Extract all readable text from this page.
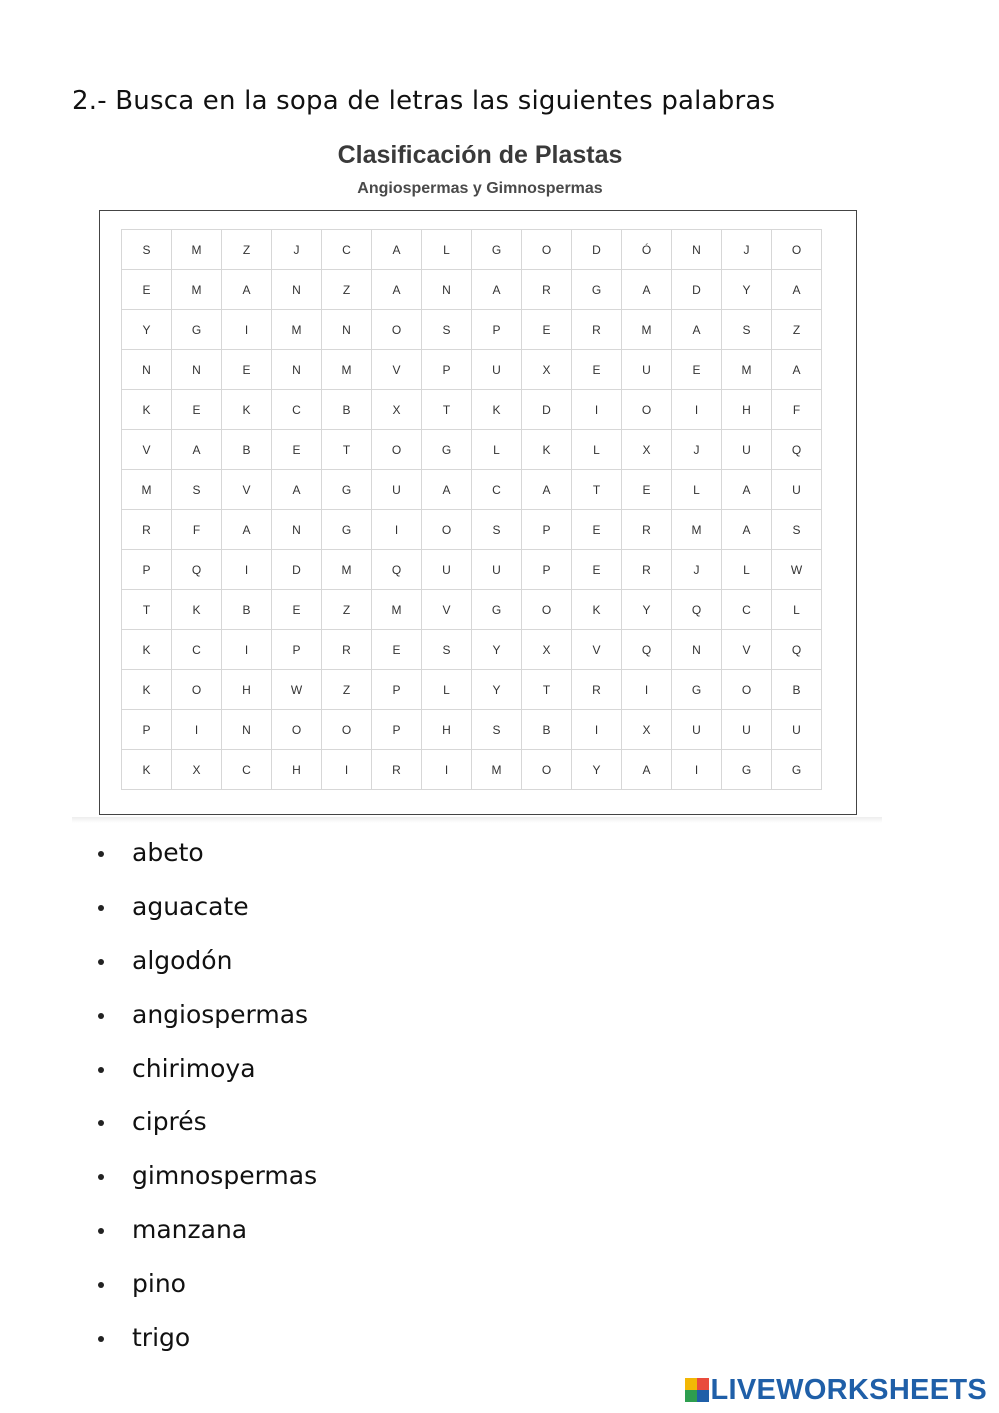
2.- Busca en la sopa de letras las siguientes palabras
Clasificación de Plastas
Angiospermas y Gimnospermas
S	M	Z	J	C	A	L	G	O	D	Ó	N	J	O
E	M	A	N	Z	A	N	A	R	G	A	D	Y	A
Y	G	I	M	N	O	S	P	E	R	M	A	S	Z
N	N	E	N	M	V	P	U	X	E	U	E	M	A
K	E	K	C	B	X	T	K	D	I	O	I	H	F
V	A	B	E	T	O	G	L	K	L	X	J	U	Q
M	S	V	A	G	U	A	C	A	T	E	L	A	U
R	F	A	N	G	I	O	S	P	E	R	M	A	S
P	Q	I	D	M	Q	U	U	P	E	R	J	L	W
T	K	B	E	Z	M	V	G	O	K	Y	Q	C	L
K	C	I	P	R	E	S	Y	X	V	Q	N	V	Q
K	O	H	W	Z	P	L	Y	T	R	I	G	O	B
P	I	N	O	O	P	H	S	B	I	X	U	U	U
K	X	C	H	I	R	I	M	O	Y	A	I	G	G
abeto
aguacate
algodón
angiospermas
chirimoya
ciprés
gimnospermas
manzana
pino
trigo
LIVEWORKSHEETS
